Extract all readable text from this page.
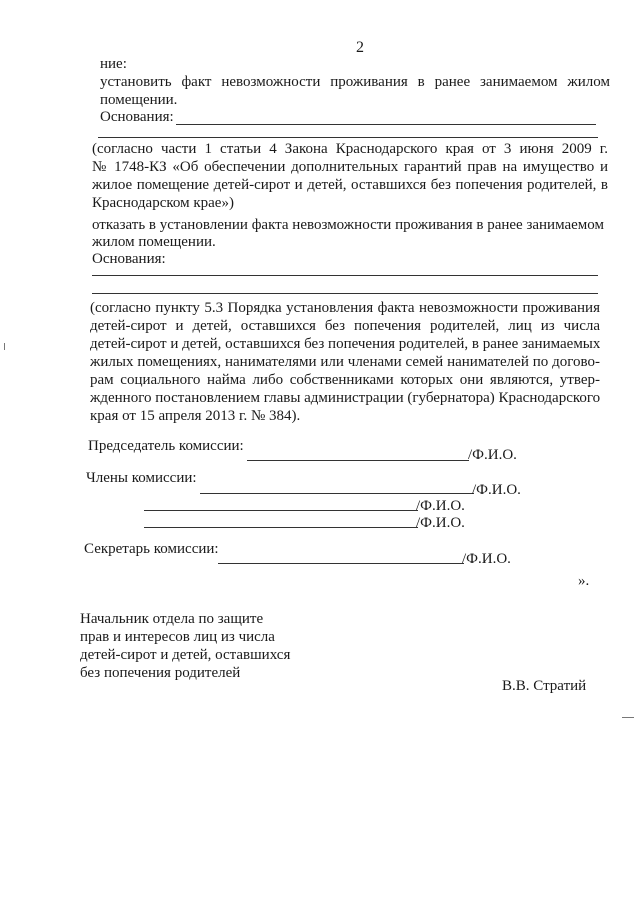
2
ние:
установить факт невозможности проживания в ранее занимаемом жилом
помещении.
Основания:
(согласно части 1 статьи 4 Закона Краснодарского края от 3 июня 2009 г.
№ 1748-КЗ «Об обеспечении дополнительных гарантий прав на имущество и
жилое помещение детей-сирот и детей, оставшихся без попечения родителей, в
Краснодарском крае»)
отказать в установлении факта невозможности проживания в ранее занимаемом
жилом помещении.
Основания:
(согласно пункту 5.3 Порядка установления факта невозможности проживания
детей-сирот и детей, оставшихся без попечения родителей, лиц из числа
детей-сирот и детей, оставшихся без попечения родителей, в ранее занимаемых
жилых помещениях, нанимателями или членами семей нанимателей по догово-
рам социального найма либо собственниками которых они являются, утвер-
жденного постановлением главы администрации (губернатора) Краснодарского
края от 15 апреля 2013 г. № 384).
Председатель комиссии:
/Ф.И.О.
Члены комиссии:
/Ф.И.О.
/Ф.И.О.
/Ф.И.О.
Секретарь комиссии:
/Ф.И.О.
».
Начальник отдела по защите
прав и интересов лиц из числа
детей-сирот и детей, оставшихся
без попечения родителей
В.В. Стратий
